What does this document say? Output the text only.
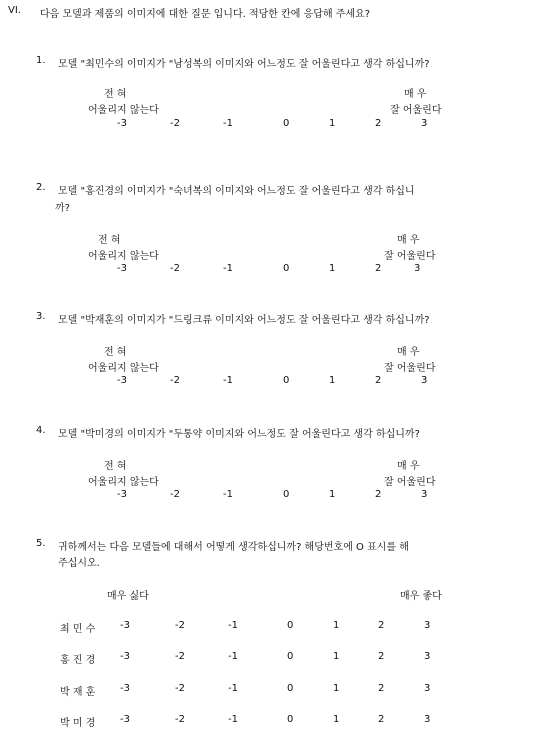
VI. 다음 모델과 제품의 이미지에 대한 질문 입니다. 적당한 칸에 응답해 주세요?
1. 모델 "최민수의 이미지가 "남성복의 이미지와 어느정도 잘 어울린다고 생각 하십니까?
전 혀	매 우
어울리지 않는다	잘 어울린다
-3	-2	-1	0	1	2	3
2. 모델 "홍진경의 이미지가 "숙녀복의 이미지와 어느정도 잘 어울린다고 생각 하십니
까?
전 혀	매 우
어울리지 않는다	잘 어울린다
-3	-2	-1	0	1	2	3
3. 모델 "박재훈의 이미지가 "드링크류 이미지와 어느정도 잘 어울린다고 생각 하십니까?
전 혀	매 우
어울리지 않는다	잘 어울린다
-3	-2	-1	0	1	2	3
4. 모델 "박미경의 이미지가 "두통약 이미지와 어느정도 잘 어울린다고 생각 하십니까?
전 혀	매 우
어울리지 않는다	잘 어울린다
-3	-2	-1	0	1	2	3
5. 귀하께서는 다음 모델들에 대해서 어떻게 생각하십니까? 해당번호에 O 표시를 해
주십시오.
매우 싫다	매우 좋다
최 민 수 -3	-2	-1	0	1	2	3
홍 진 경 -3	-2	-1	0	1	2	3
박 재 훈 -3	-2	-1	0	1	2	3
박 미 경 -3	-2	-1	0	1	2	3
